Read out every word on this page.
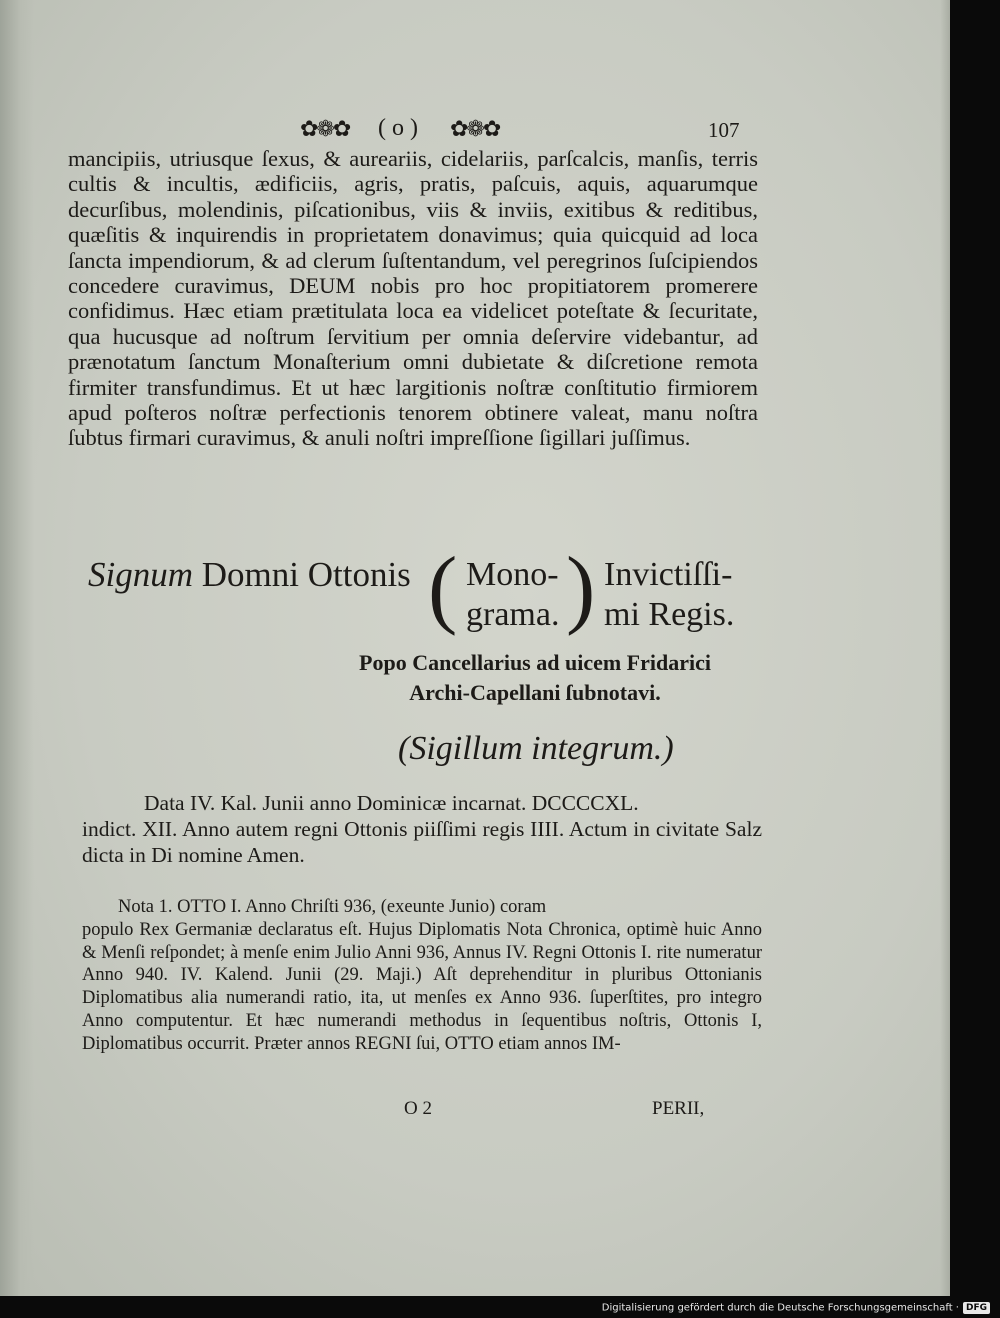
✿❁✿ ( o ) ✿❁✿	107

mancipiis, utriusque ſexus, & aureariis, cidelariis, parſcalcis, manſis, terris cultis & incultis, ædificiis, agris, pratis, paſcuis, aquis, aquarumque decurſibus, molendinis, piſcationibus, viis & inviis, exitibus & reditibus, quæſitis & inquirendis in proprietatem donavimus; quia quicquid ad loca ſancta impendiorum, & ad clerum ſuſtentandum, vel peregrinos ſuſcipiendos concedere curavimus, DEUM nobis pro hoc propitiatorem promerere confidimus. Hæc etiam prætitulata loca ea videlicet poteſtate & ſecuritate, qua hucusque ad noſtrum ſervitium per omnia deſervire videbantur, ad prænotatum ſanctum Monaſterium omni dubietate & diſcretione remota firmiter transfundimus. Et ut hæc largitionis noſtræ conſtitutio firmiorem apud poſteros noſtræ perfectionis tenorem obtinere valeat, manu noſtra ſubtus firmari curavimus, & anuli noſtri impreſſione ſigillari juſſimus.

Signum Domni Ottonis ( Mono-
grama. ) Invictiſſi-
mi Regis.
Popo Cancellarius ad uicem Fridarici
Archi-Capellani ſubnotavi.
(Sigillum integrum.)

Data IV. Kal. Junii anno Dominicæ incarnat. DCCCCXL.

indict. XII. Anno autem regni Ottonis piiſſimi regis IIII. Actum in civitate Salz dicta in Di nomine Amen.

Nota 1. OTTO I. Anno Chriſti 936, (exeunte Junio) coram

populo Rex Germaniæ declaratus eſt. Hujus Diplomatis Nota Chronica, optimè huic Anno & Menſi reſpondet; à menſe enim Julio Anni 936, Annus IV. Regni Ottonis I. rite numeratur Anno 940. IV. Kalend. Junii (29. Maji.) Aſt deprehenditur in pluribus Ottonianis Diplomatibus alia numerandi ratio, ita, ut menſes ex Anno 936. ſuperſtites, pro integro Anno computentur. Et hæc numerandi methodus in ſequentibus noſtris, Ottonis I, Diplomatibus occurrit. Præter annos REGNI ſui, OTTO etiam annos IM-

O 2	PERII,
Digitalisierung gefördert durch die Deutsche Forschungsgemeinschaft · DFG
